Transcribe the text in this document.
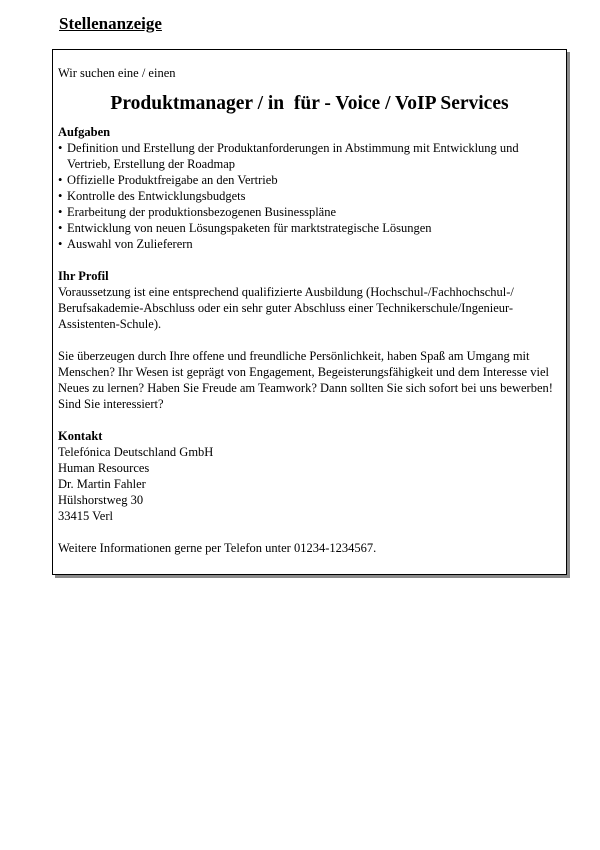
Stellenanzeige

Wir suchen eine / einen

Produktmanager / in  für - Voice / VoIP Services

Aufgaben

• Definition und Erstellung der Produktanforderungen in Abstimmung mit Entwicklung und Vertrieb, Erstellung der Roadmap
• Offizielle Produktfreigabe an den Vertrieb
• Kontrolle des Entwicklungsbudgets
• Erarbeitung der produktionsbezogenen Businesspläne
• Entwicklung von neuen Lösungspaketen für marktstrategische Lösungen
• Auswahl von Zulieferern

Ihr Profil

Voraussetzung ist eine entsprechend qualifizierte Ausbildung (Hochschul-/Fachhochschul-/ Berufsakademie-Abschluss oder ein sehr guter Abschluss einer Technikerschule/Ingenieur-Assistenten-Schule).

Sie überzeugen durch Ihre offene und freundliche Persönlichkeit, haben Spaß am Umgang mit Menschen? Ihr Wesen ist geprägt von Engagement, Begeisterungsfähigkeit und dem Interesse viel Neues zu lernen? Haben Sie Freude am Teamwork? Dann sollten Sie sich sofort bei uns bewerben! Sind Sie interessiert?

Kontakt

Telefónica Deutschland GmbH

Human Resources

Dr. Martin Fahler

Hülshorstweg 30

33415 Verl

Weitere Informationen gerne per Telefon unter 01234-1234567.
